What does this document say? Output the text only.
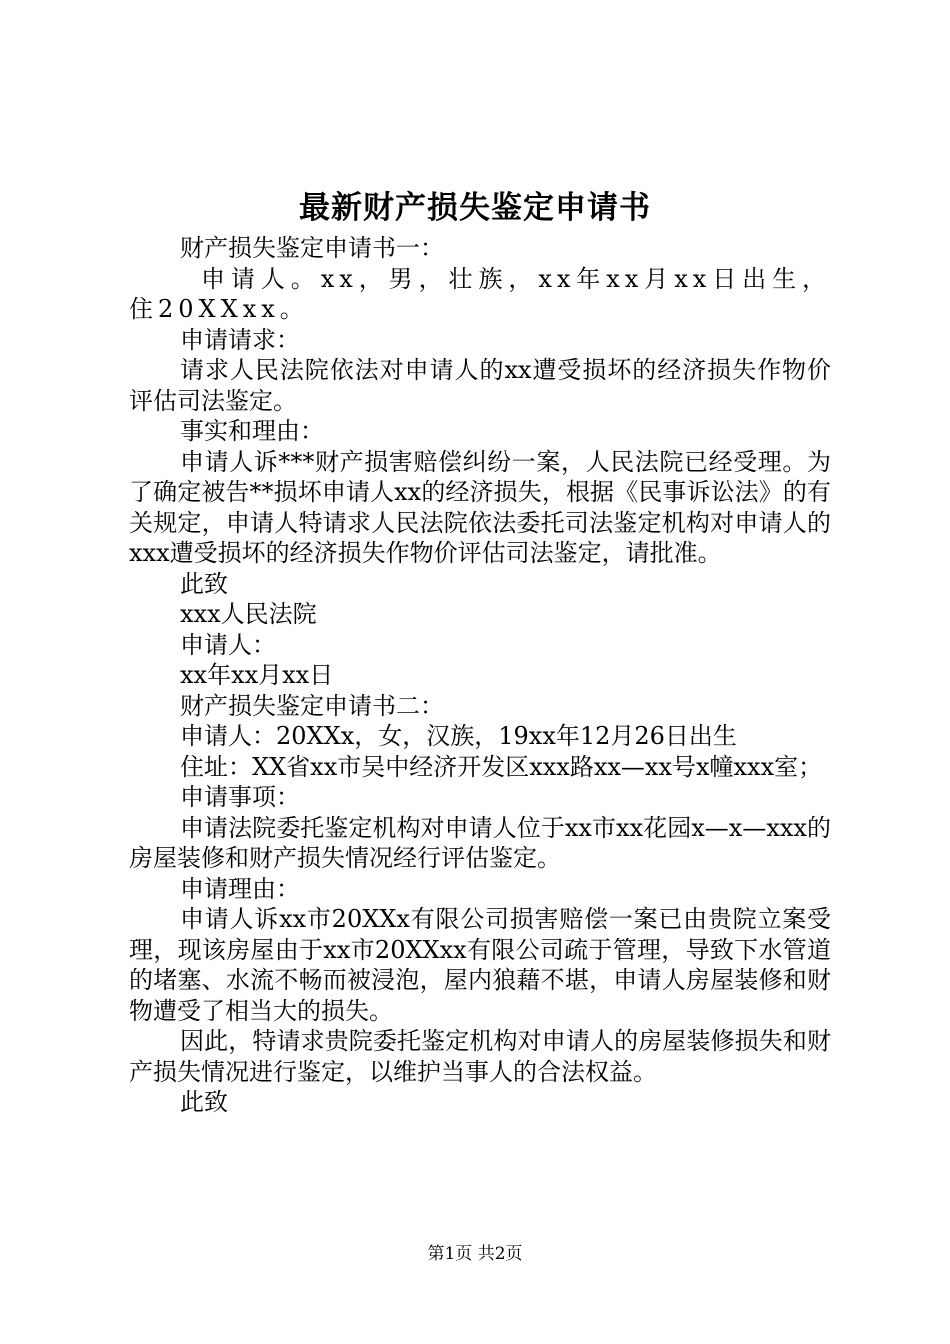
最新财产损失鉴定申请书

财产损失鉴定申请书一：

申请人。xx，男，壮族，xx年xx月xx日出生，住20XXxx。

申请请求：

请求人民法院依法对申请人的xx遭受损坏的经济损失作物价评估司法鉴定。

事实和理由：

申请人诉***财产损害赔偿纠纷一案，人民法院已经受理。为了确定被告**损坏申请人xx的经济损失，根据《民事诉讼法》的有关规定，申请人特请求人民法院依法委托司法鉴定机构对申请人的xxx遭受损坏的经济损失作物价评估司法鉴定，请批准。

此致

xxx人民法院

申请人：

xx年xx月xx日

财产损失鉴定申请书二：

申请人：20XXx，女，汉族，19xx年12月26日出生

住址：XX省xx市吴中经济开发区xxx路xx—xx号x幢xxx室；

申请事项：

申请法院委托鉴定机构对申请人位于xx市xx花园x—x—xxx的房屋装修和财产损失情况经行评估鉴定。

申请理由：

申请人诉xx市20XXx有限公司损害赔偿一案已由贵院立案受理，现该房屋由于xx市20XXxx有限公司疏于管理，导致下水管道的堵塞、水流不畅而被浸泡，屋内狼藉不堪，申请人房屋装修和财物遭受了相当大的损失。

因此，特请求贵院委托鉴定机构对申请人的房屋装修损失和财产损失情况进行鉴定，以维护当事人的合法权益。

此致

第1页 共2页
